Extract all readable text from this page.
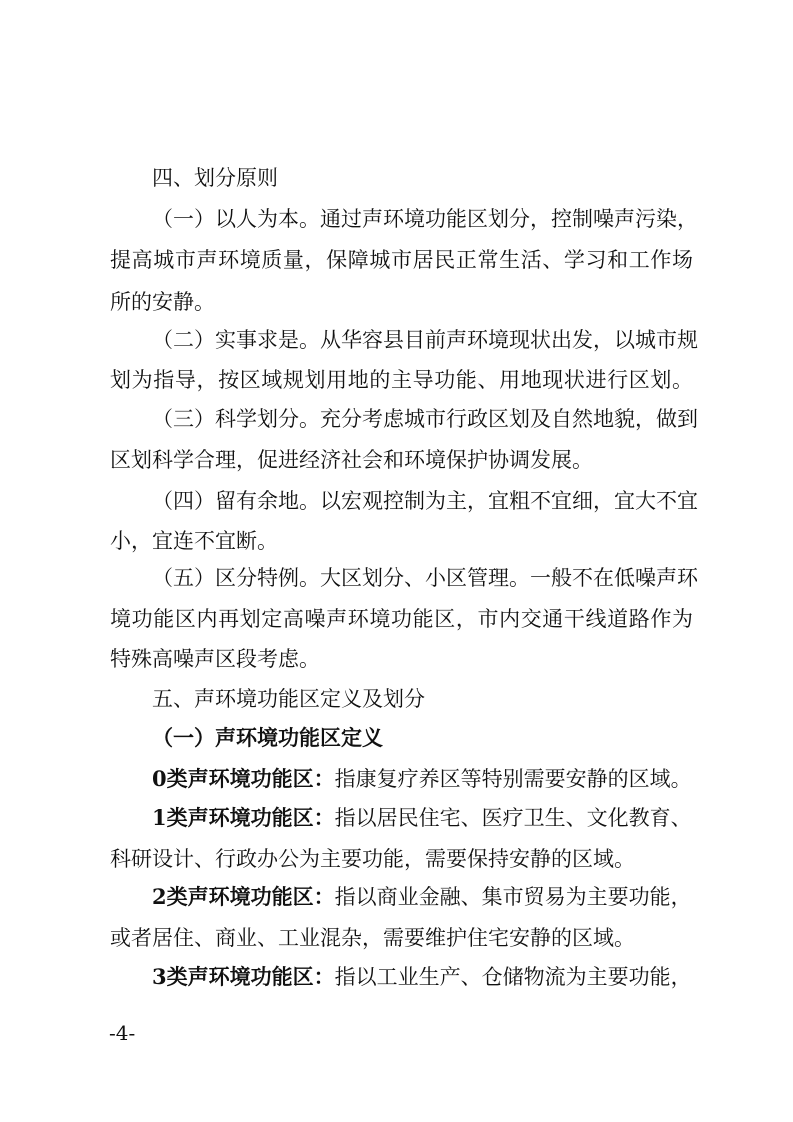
四、划分原则
（一）以人为本。通过声环境功能区划分，控制噪声污染，
提高城市声环境质量，保障城市居民正常生活、学习和工作场
所的安静。
（二）实事求是。从华容县目前声环境现状出发，以城市规
划为指导，按区域规划用地的主导功能、用地现状进行区划。
（三）科学划分。充分考虑城市行政区划及自然地貌，做到
区划科学合理，促进经济社会和环境保护协调发展。
（四）留有余地。以宏观控制为主，宜粗不宜细，宜大不宜
小，宜连不宜断。
（五）区分特例。大区划分、小区管理。一般不在低噪声环
境功能区内再划定高噪声环境功能区，市内交通干线道路作为
特殊高噪声区段考虑。
五、声环境功能区定义及划分
（一）声环境功能区定义
0类声环境功能区：指康复疗养区等特别需要安静的区域。
1类声环境功能区：指以居民住宅、医疗卫生、文化教育、
科研设计、行政办公为主要功能，需要保持安静的区域。
2类声环境功能区：指以商业金融、集市贸易为主要功能，
或者居住、商业、工业混杂，需要维护住宅安静的区域。
3类声环境功能区：指以工业生产、仓储物流为主要功能，
-4-
